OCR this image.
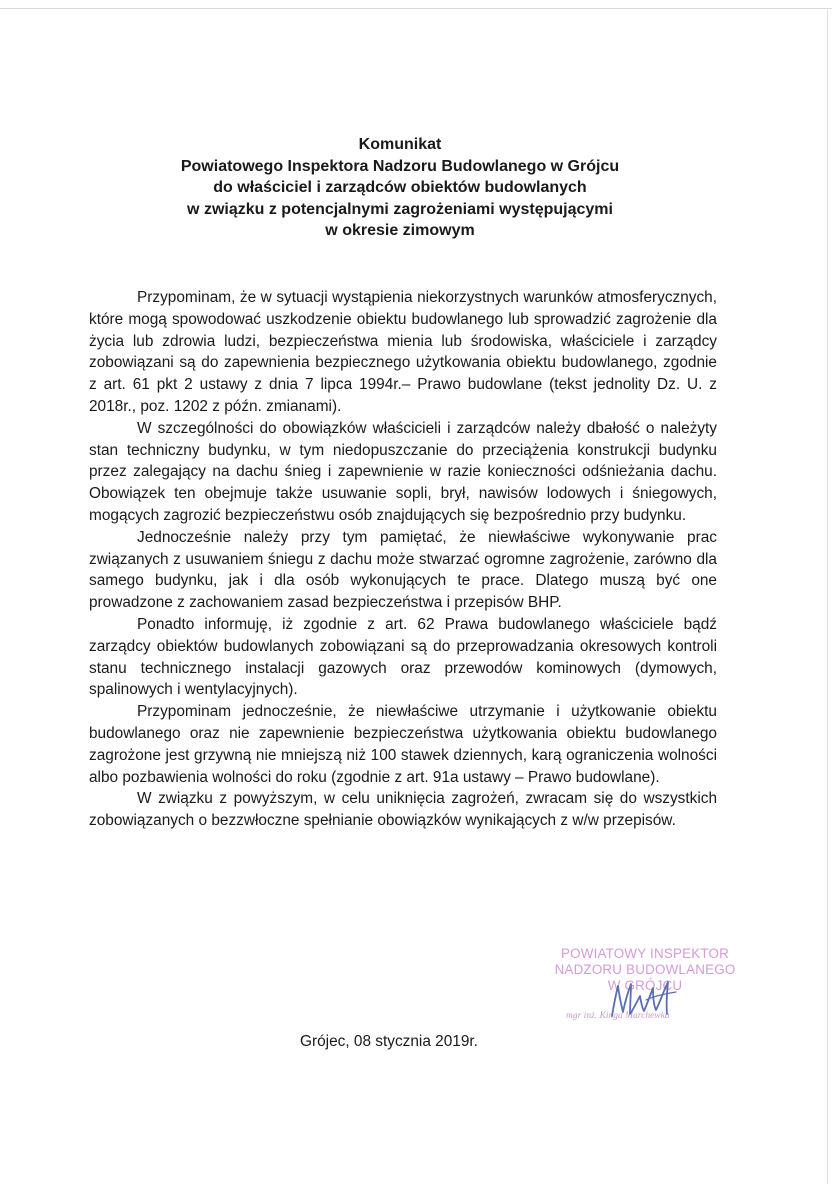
Komunikat
Powiatowego Inspektora Nadzoru Budowlanego w Grójcu
do właściciel i zarządców obiektów budowlanych
w związku z potencjalnymi zagrożeniami występującymi
w okresie zimowym

Przypominam, że w sytuacji wystąpienia niekorzystnych warunków atmosferycznych, które mogą spowodować uszkodzenie obiektu budowlanego lub sprowadzić zagrożenie dla życia lub zdrowia ludzi, bezpieczeństwa mienia lub środowiska, właściciele i zarządcy zobowiązani są do zapewnienia bezpiecznego użytkowania obiektu budowlanego, zgodnie z art. 61 pkt 2 ustawy z dnia 7 lipca 1994r.– Prawo budowlane (tekst jednolity Dz. U. z 2018r., poz. 1202 z późn. zmianami).

W szczególności do obowiązków właścicieli i zarządców należy dbałość o należyty stan techniczny budynku, w tym niedopuszczanie do przeciążenia konstrukcji budynku przez zalegający na dachu śnieg i zapewnienie w razie konieczności odśnieżania dachu. Obowiązek ten obejmuje także usuwanie sopli, brył, nawisów lodowych i śniegowych, mogących zagrozić bezpieczeństwu osób znajdujących się bezpośrednio przy budynku.

Jednocześnie należy przy tym pamiętać, że niewłaściwe wykonywanie prac związanych z usuwaniem śniegu z dachu może stwarzać ogromne zagrożenie, zarówno dla samego budynku, jak i dla osób wykonujących te prace. Dlatego muszą być one prowadzone z zachowaniem zasad bezpieczeństwa i przepisów BHP.

Ponadto informuję, iż zgodnie z art. 62 Prawa budowlanego właściciele bądź zarządcy obiektów budowlanych zobowiązani są do przeprowadzania okresowych kontroli stanu technicznego instalacji gazowych oraz przewodów kominowych (dymowych, spalinowych i wentylacyjnych).

Przypominam jednocześnie, że niewłaściwe utrzymanie i użytkowanie obiektu budowlanego oraz nie zapewnienie bezpieczeństwa użytkowania obiektu budowlanego zagrożone jest grzywną nie mniejszą niż 100 stawek dziennych, karą ograniczenia wolności albo pozbawienia wolności do roku (zgodnie z art. 91a ustawy – Prawo budowlane).

W związku z powyższym, w celu uniknięcia zagrożeń, zwracam się do wszystkich zobowiązanych o bezzwłoczne spełnianie obowiązków wynikających z w/w przepisów.

POWIATOWY INSPEKTOR
NADZORU BUDOWLANEGO
W GRÓJCU
mgr inż. Kinga Marchewka
Grójec, 08 stycznia 2019r.
